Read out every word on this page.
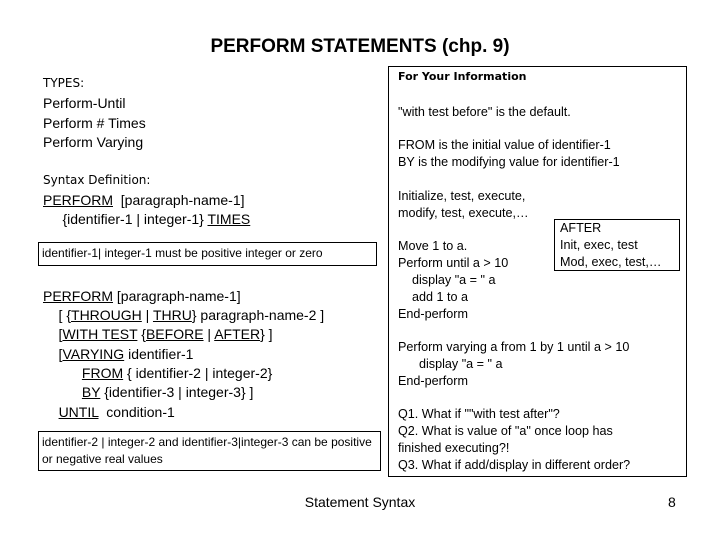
PERFORM STATEMENTS (chp. 9)
TYPES:
Perform-Until
Perform # Times
Perform Varying
Syntax Definition:
PERFORM  [paragraph-name-1]
{identifier-1 | integer-1} TIMES
identifier-1| integer-1 must be positive integer or zero
PERFORM [paragraph-name-1]
[ {THROUGH | THRU} paragraph-name-2 ]
[WITH TEST {BEFORE | AFTER} ]
[VARYING identifier-1
FROM { identifier-2 | integer-2}
BY {identifier-3 | integer-3} ]
UNTIL  condition-1
identifier-2 | integer-2 and identifier-3|integer-3 can be positive or negative real values
For Your Information
"with test before" is the default.
FROM is the initial value of identifier-1
BY is the modifying value for identifier-1
Initialize, test, execute,
modify, test, execute,…
AFTER
Init, exec, test
Mod, exec, test,…
Move 1 to a.
Perform until a > 10
display "a = " a
add 1 to a
End-perform
Perform varying a from 1 by 1 until a > 10
display "a = " a
End-perform
Q1. What if ""with test after"?
Q2. What is value of "a" once loop has
finished executing?!
Q3. What if add/display in different order?
Statement Syntax	8
